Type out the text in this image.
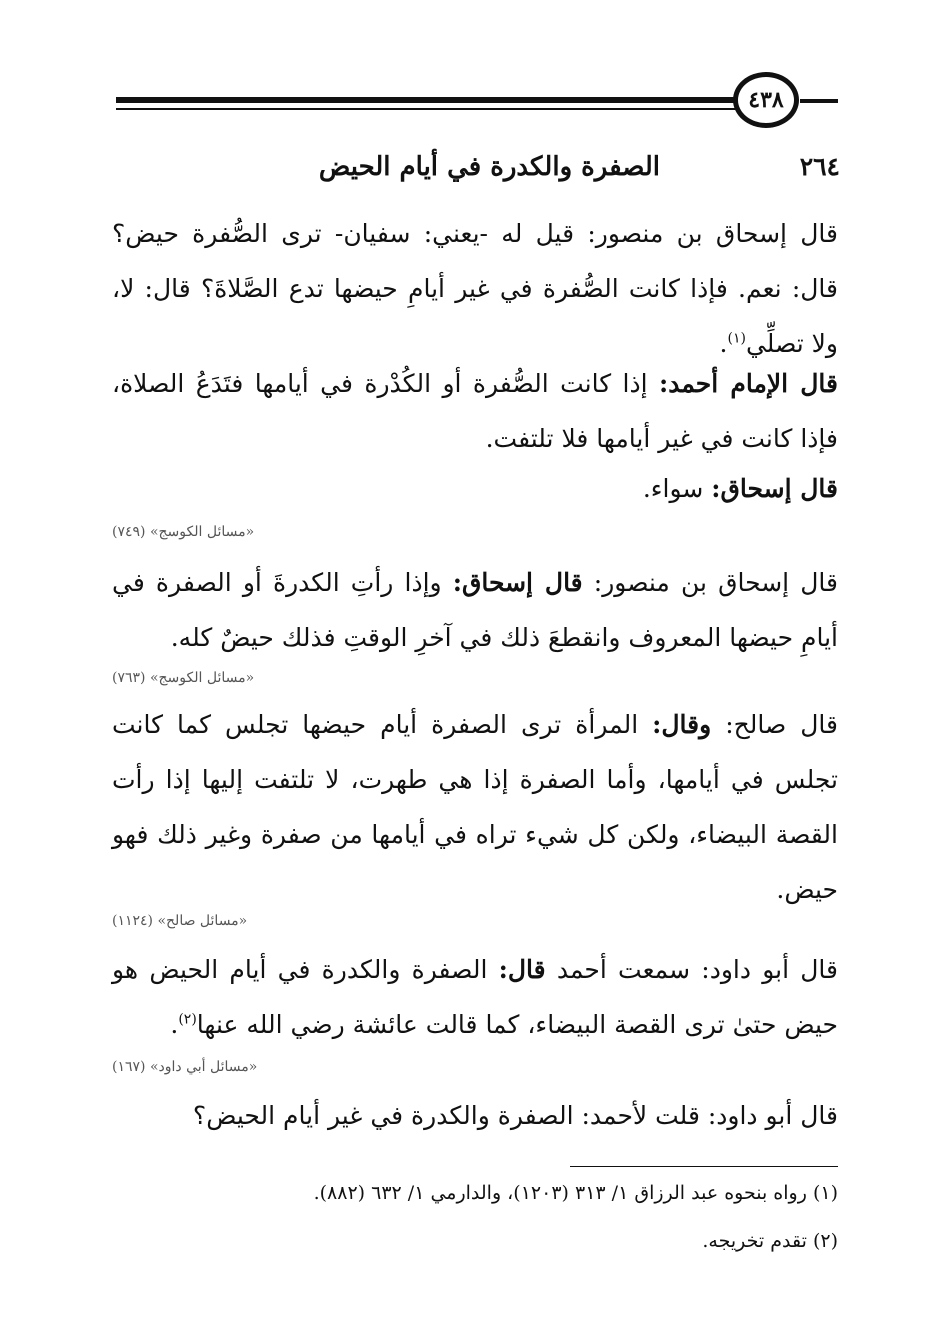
٤٣٨
٢٦٤
الصفرة والكدرة في أيام الحيض
قال إسحاق بن منصور: قيل له -يعني: سفيان- ترى الصُّفرة حيض؟ قال: نعم. فإذا كانت الصُّفرة في غير أيامِ حيضها تدع الصَّلاةَ؟ قال: لا، ولا تصلِّي$^{(١)}$.
قال الإمام أحمد: إذا كانت الصُّفرة أو الكُدْرة في أيامها فتَدَعُ الصلاة، فإذا كانت في غير أيامها فلا تلتفت.
قال إسحاق: سواء.
«مسائل الكوسج» (٧٤٩)
قال إسحاق بن منصور: قال إسحاق: وإذا رأتِ الكدرةَ أو الصفرة في أيامِ حيضها المعروف وانقطعَ ذلك في آخرِ الوقتِ فذلك حيضٌ كله.
«مسائل الكوسج» (٧٦٣)
قال صالح: وقال: المرأة ترى الصفرة أيام حيضها تجلس كما كانت تجلس في أيامها، وأما الصفرة إذا هي طهرت، لا تلتفت إليها إذا رأت القصة البيضاء، ولكن كل شيء تراه في أيامها من صفرة وغير ذلك فهو حيض.
«مسائل صالح» (١١٢٤)
قال أبو داود: سمعت أحمد قال: الصفرة والكدرة في أيام الحيض هو حيض حتىٰ ترى القصة البيضاء، كما قالت عائشة رضي الله عنها$^{(٢)}$.
«مسائل أبي داود» (١٦٧)
قال أبو داود: قلت لأحمد: الصفرة والكدرة في غير أيام الحيض؟
(١) رواه بنحوه عبد الرزاق ١/ ٣١٣ (١٢٠٣)، والدارمي ١/ ٦٣٢ (٨٨٢).
(٢) تقدم تخريجه.
